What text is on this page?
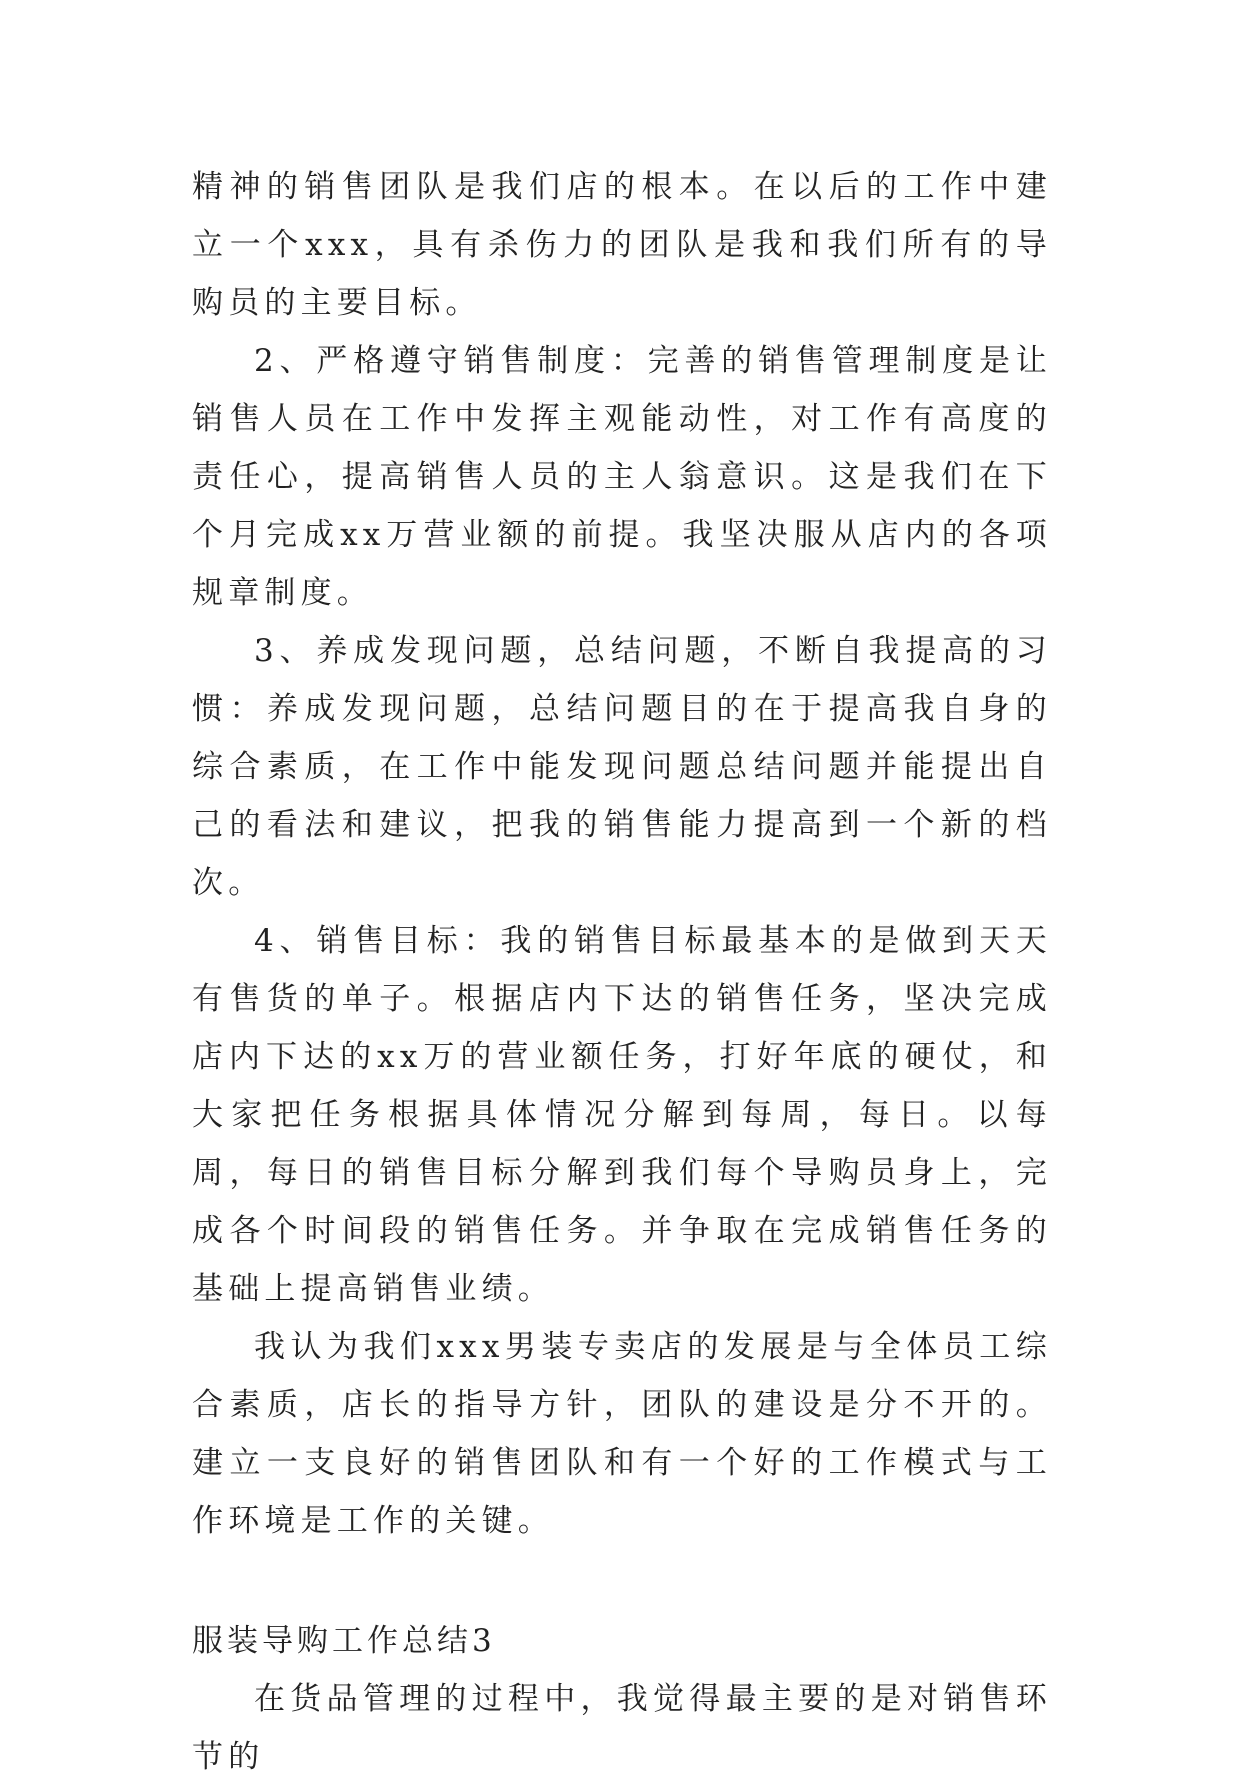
精神的销售团队是我们店的根本。在以后的工作中建立一个xxx，具有杀伤力的团队是我和我们所有的导购员的主要目标。

2、严格遵守销售制度：完善的销售管理制度是让销售人员在工作中发挥主观能动性，对工作有高度的责任心，提高销售人员的主人翁意识。这是我们在下个月完成xx万营业额的前提。我坚决服从店内的各项规章制度。

3、养成发现问题，总结问题，不断自我提高的习惯：养成发现问题，总结问题目的在于提高我自身的综合素质，在工作中能发现问题总结问题并能提出自己的看法和建议，把我的销售能力提高到一个新的档次。

4、销售目标：我的销售目标最基本的是做到天天有售货的单子。根据店内下达的销售任务，坚决完成店内下达的xx万的营业额任务，打好年底的硬仗，和大家把任务根据具体情况分解到每周，每日。以每周，每日的销售目标分解到我们每个导购员身上，完成各个时间段的销售任务。并争取在完成销售任务的基础上提高销售业绩。

我认为我们xxx男装专卖店的发展是与全体员工综合素质，店长的指导方针，团队的建设是分不开的。建立一支良好的销售团队和有一个好的工作模式与工作环境是工作的关键。

服装导购工作总结3

在货品管理的过程中，我觉得最主要的是对销售环节的
